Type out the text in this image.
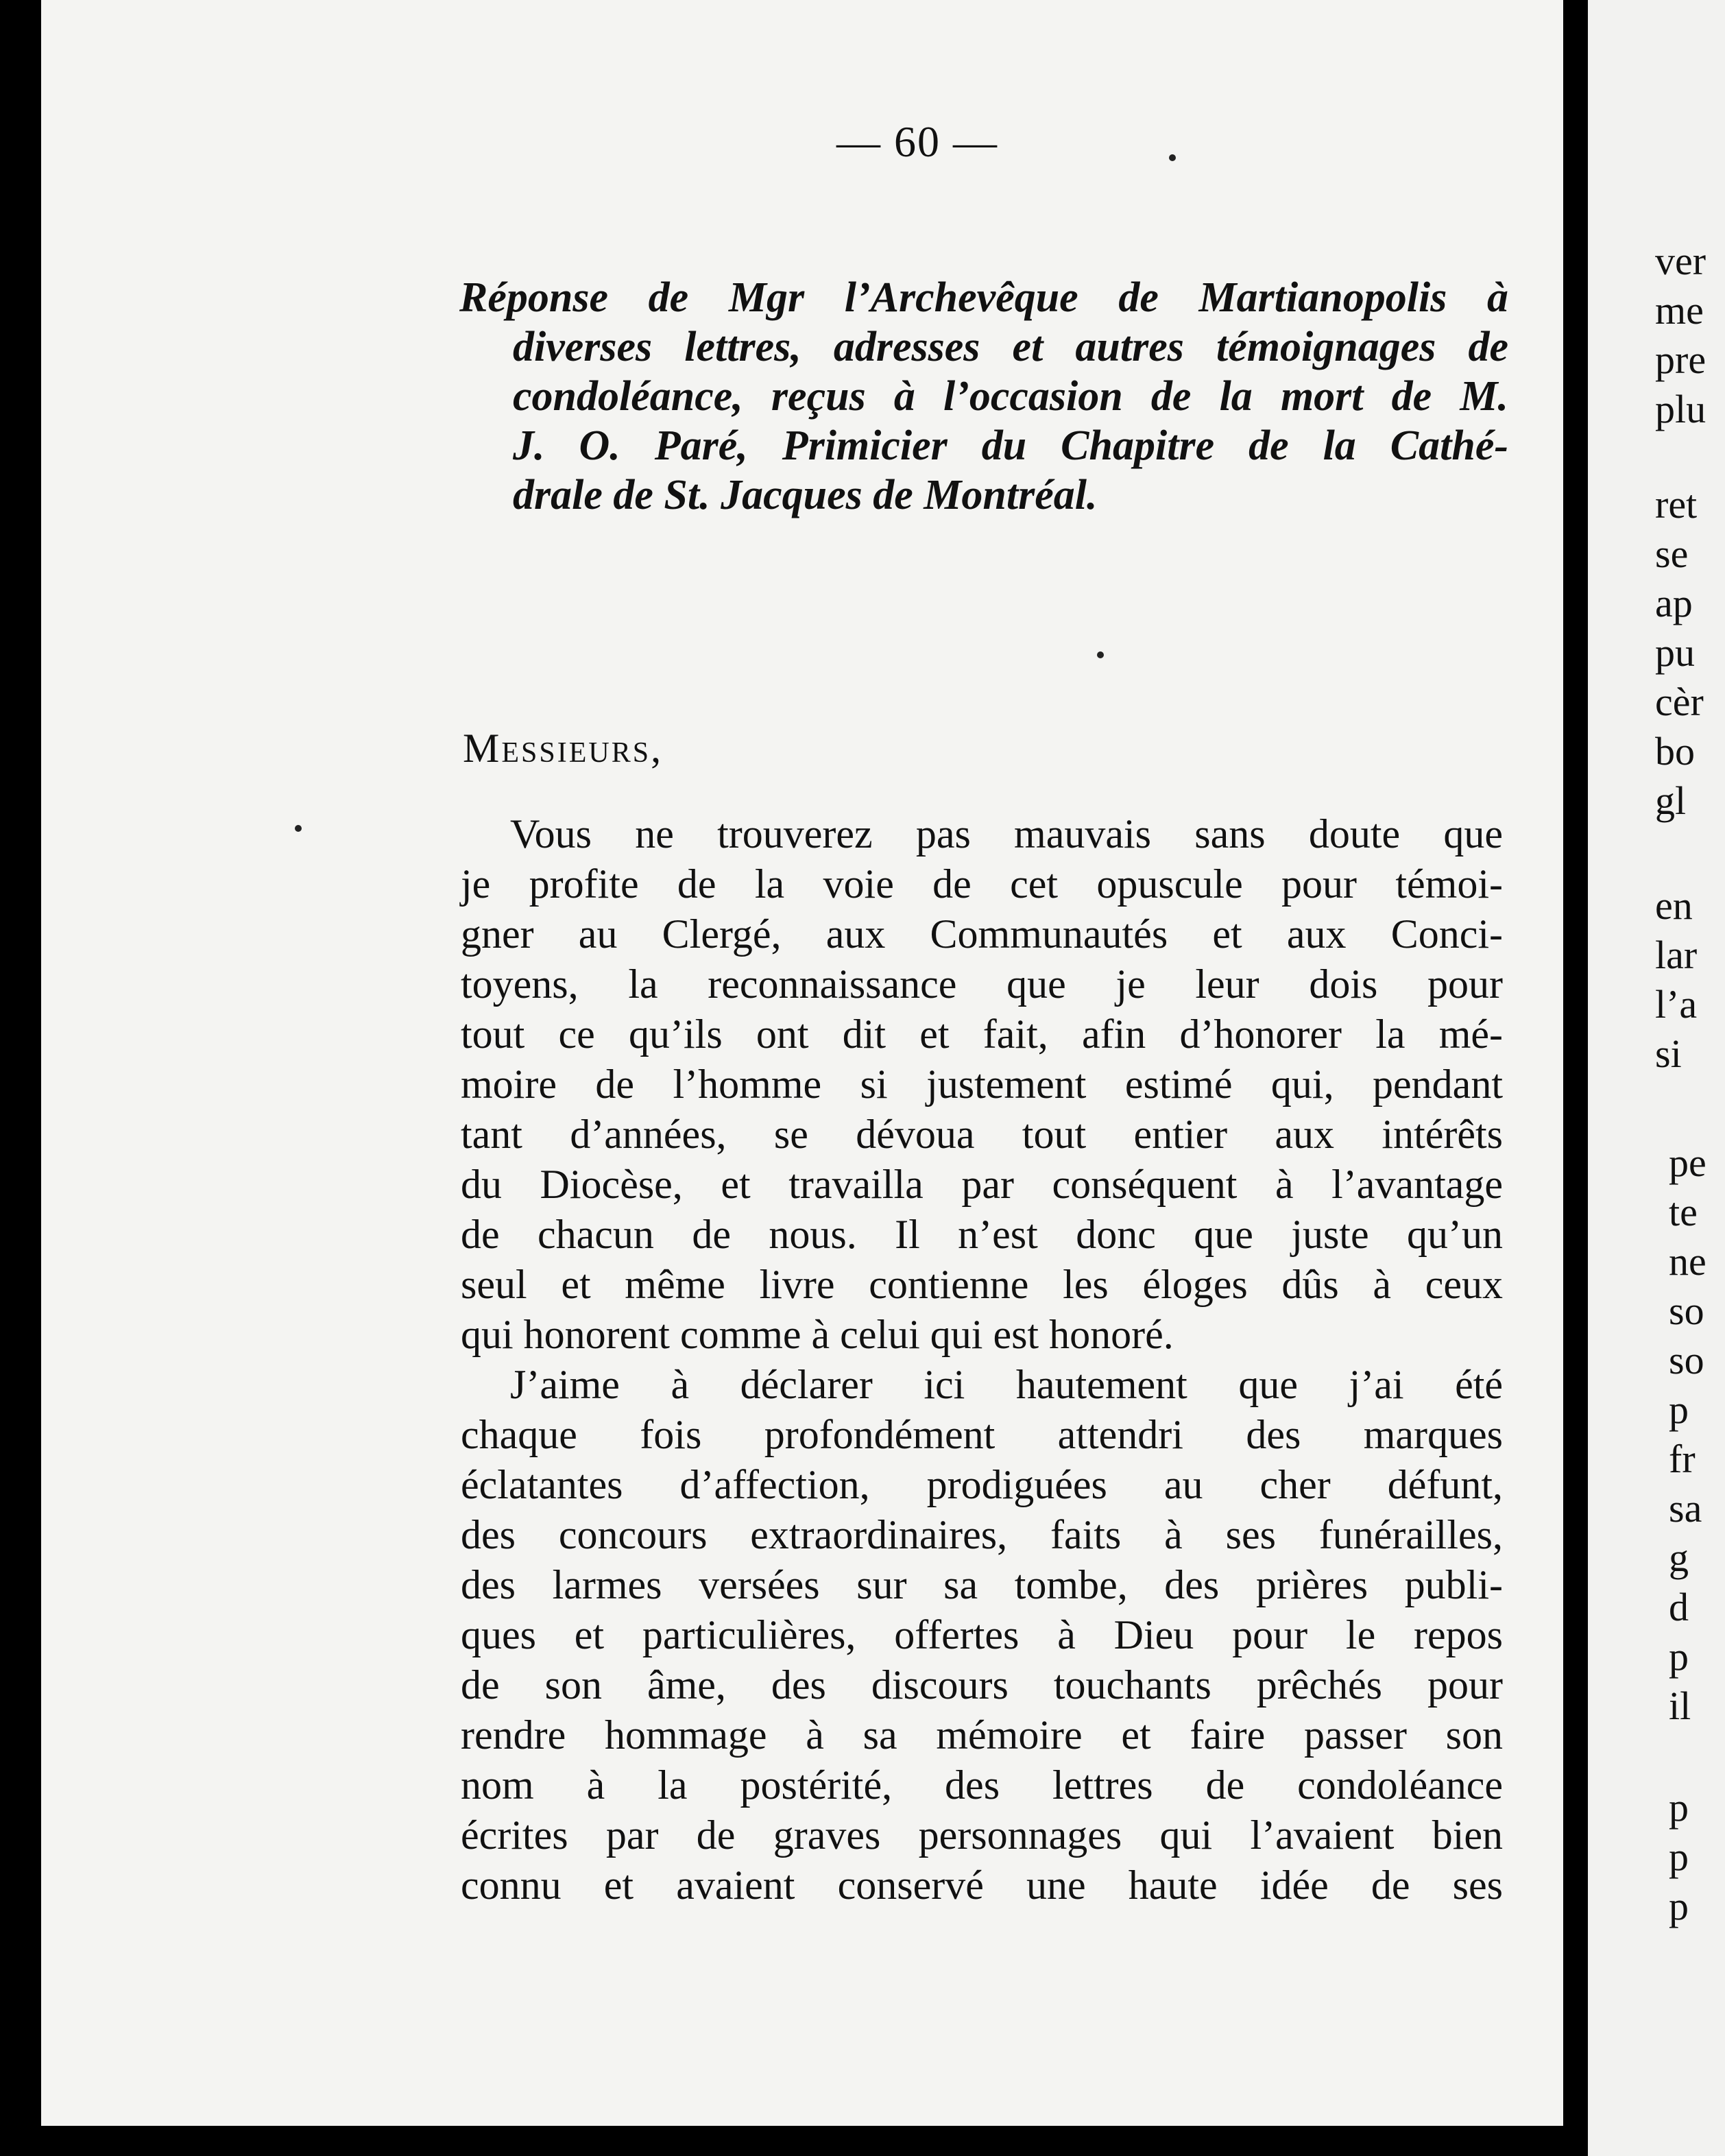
— 60 —
Réponse de Mgr l’Archevêque de Martianopolis à
diverses lettres, adresses et autres témoignages de
condoléance, reçus à l’occasion de la mort de M.
J. O. Paré, Primicier du Chapitre de la Cathé-
drale de St. Jacques de Montréal.
Messieurs,
Vous ne trouverez pas mauvais sans doute que
je profite de la voie de cet opuscule pour témoi-
gner au Clergé, aux Communautés et aux Conci-
toyens, la reconnaissance que je leur dois pour
tout ce qu’ils ont dit et fait, afin d’honorer la mé-
moire de l’homme si justement estimé qui, pendant
tant d’années, se dévoua tout entier aux intérêts
du Diocèse, et travailla par conséquent à l’avantage
de chacun de nous. Il n’est donc que juste qu’un
seul et même livre contienne les éloges dûs à ceux
qui honorent comme à celui qui est honoré.
J’aime à déclarer ici hautement que j’ai été
chaque fois profondément attendri des marques
éclatantes d’affection, prodiguées au cher défunt,
des concours extraordinaires, faits à ses funérailles,
des larmes versées sur sa tombe, des prières publi-
ques et particulières, offertes à Dieu pour le repos
de son âme, des discours touchants prêchés pour
rendre hommage à sa mémoire et faire passer son
nom à la postérité, des lettres de condoléance
écrites par de graves personnages qui l’avaient bien
connu et avaient conservé une haute idée de ses
ver
me
pre
plu
ret
se
ap
pu
cèr
bo
gl
en
lar
l’a
si
pe
te
ne
so
so
p
fr
sa
g
d
p
il
p
p
p
